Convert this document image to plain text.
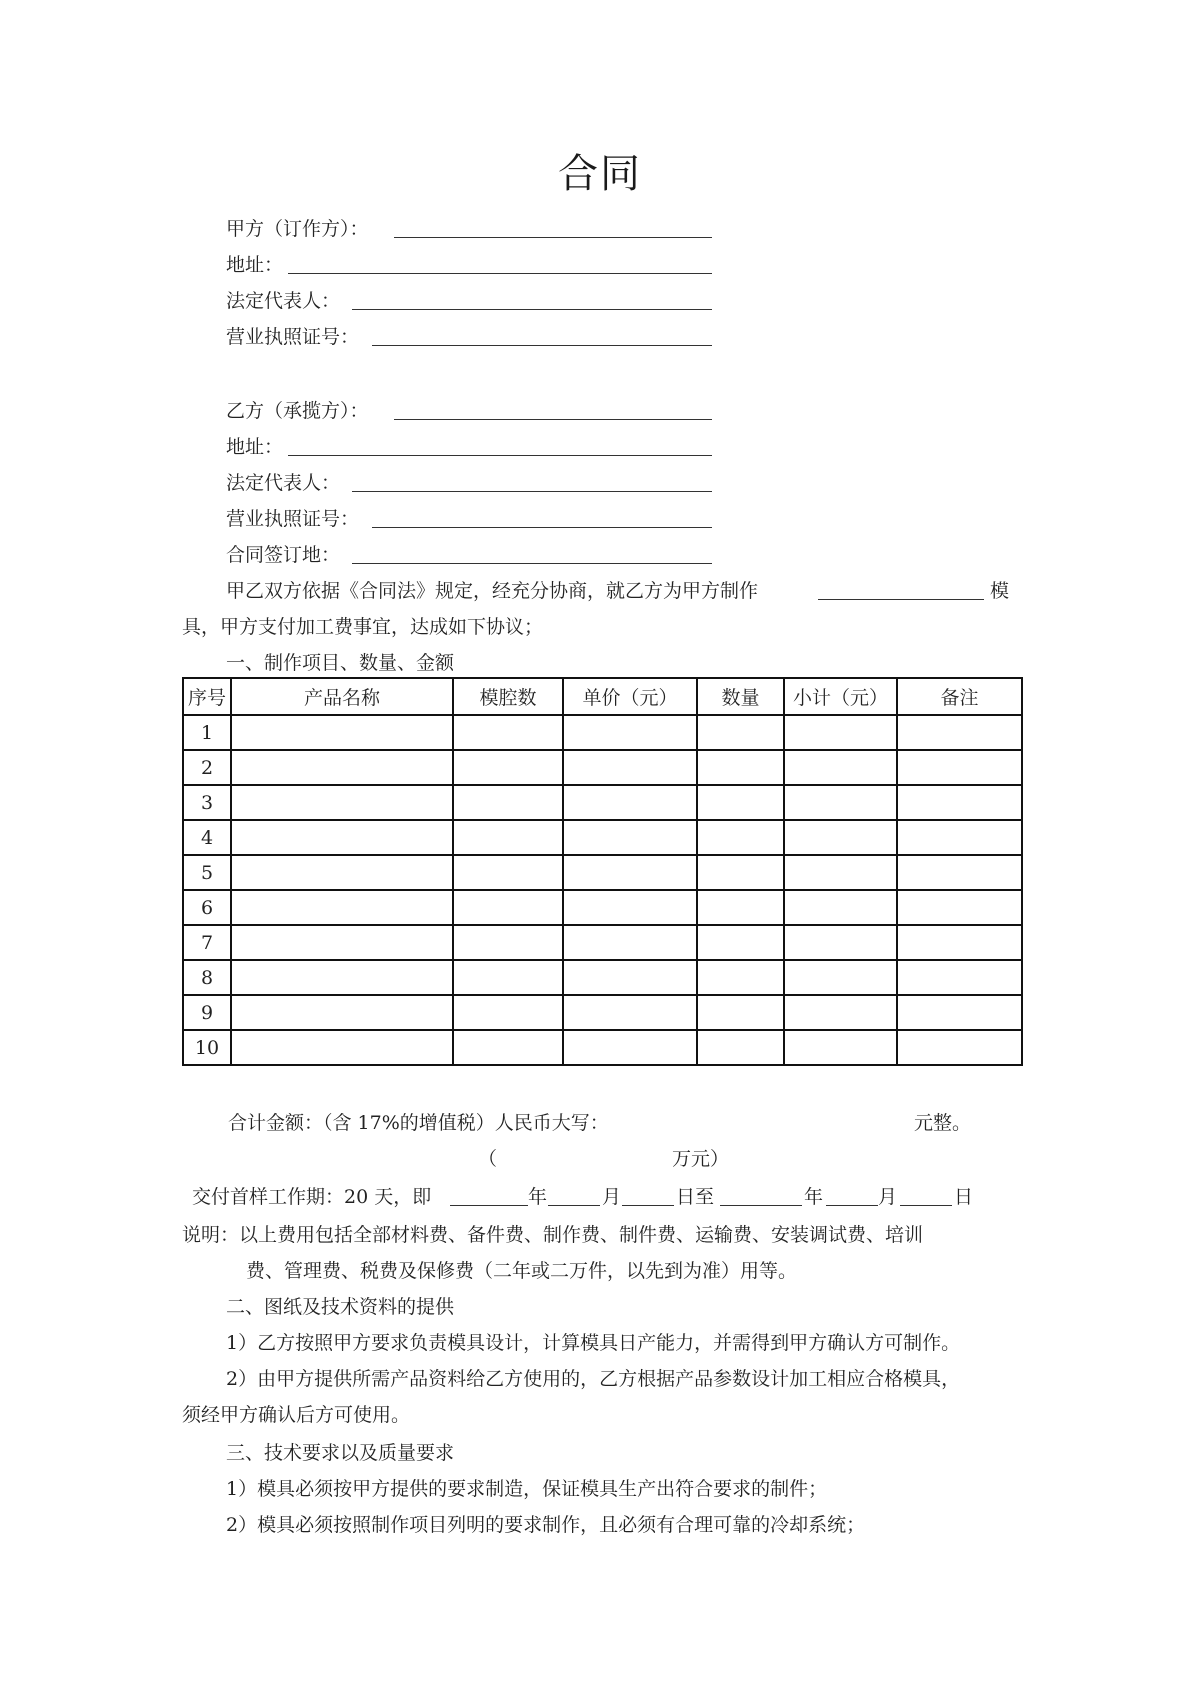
合同
甲方（订作方）：
地址：
法定代表人：
营业执照证号：
乙方（承揽方）：
地址：
法定代表人：
营业执照证号：
合同签订地：
甲乙双方依据《合同法》规定，经充分协商，就乙方为甲方制作	模
具，甲方支付加工费事宜，达成如下协议；
一、制作项目、数量、金额
序号	产品名称	模腔数	单价（元）	数量	小计（元）	备注
1						
2						
3						
4						
5						
6						
7						
8						
9						
10						
合计金额：（含 17%的增值税）人民币大写：	元整。
（	万元）
交付首样工作期：20 天，即	年	月	日至	年	月	日
说明：以上费用包括全部材料费、备件费、制作费、制件费、运输费、安装调试费、培训
费、管理费、税费及保修费（二年或二万件，以先到为准）用等。
二、图纸及技术资料的提供
1）乙方按照甲方要求负责模具设计，计算模具日产能力，并需得到甲方确认方可制作。
2）由甲方提供所需产品资料给乙方使用的，乙方根据产品参数设计加工相应合格模具，
须经甲方确认后方可使用。
三、技术要求以及质量要求
1）模具必须按甲方提供的要求制造，保证模具生产出符合要求的制件；
2）模具必须按照制作项目列明的要求制作，且必须有合理可靠的冷却系统；
